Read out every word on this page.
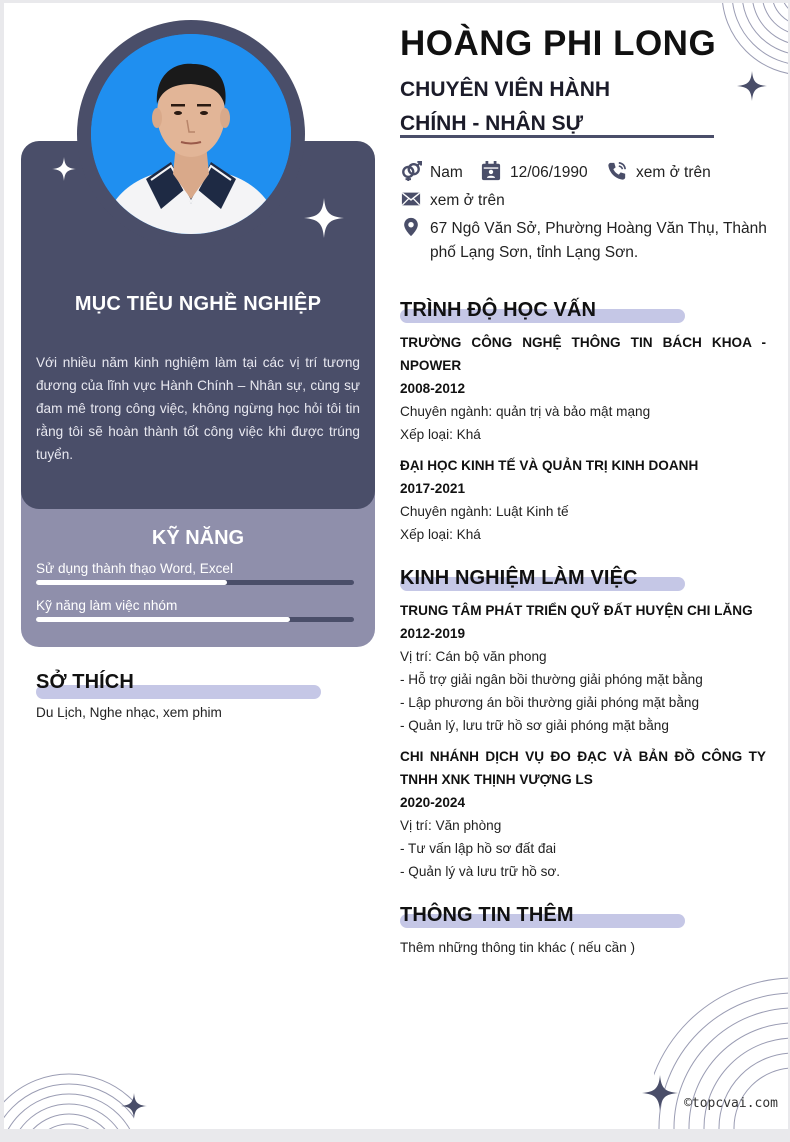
MỤC TIÊU NGHỀ NGHIỆP
Với nhiều năm kinh nghiệm làm tại các vị trí tương đương của lĩnh vực Hành Chính – Nhân sự, cùng sự đam mê trong công việc, không ngừng học hỏi tôi tin rằng tôi sẽ hoàn thành tốt công việc khi được trúng tuyển.
KỸ NĂNG
Sử dụng thành thạo Word, Excel
Kỹ năng làm việc nhóm
SỞ THÍCH
Du Lịch, Nghe nhạc, xem phim
HOÀNG PHI LONG
CHUYÊN VIÊN HÀNH
CHÍNH - NHÂN SỰ
Nam	12/06/1990	xem ở trên
xem ở trên
67 Ngô Văn Sở, Phường Hoàng Văn Thụ, Thành
phố Lạng Sơn, tỉnh Lạng Sơn.
TRÌNH ĐỘ HỌC VẤN
TRƯỜNG CÔNG NGHỆ THÔNG TIN BÁCH KHOA -
NPOWER
2008-2012
Chuyên ngành: quản trị và bảo mật mạng
Xếp loại: Khá
ĐẠI HỌC KINH TẾ VÀ QUẢN TRỊ KINH DOANH
2017-2021
Chuyên ngành: Luật Kinh tế
Xếp loại: Khá
KINH NGHIỆM LÀM VIỆC
TRUNG TÂM PHÁT TRIỂN QUỸ ĐẤT HUYỆN CHI LĂNG
2012-2019
Vị trí: Cán bộ văn phong
- Hỗ trợ giải ngân bồi thường giải phóng mặt bằng
- Lập phương án bồi thường giải phóng mặt bằng
- Quản lý, lưu trữ hồ sơ giải phóng mặt bằng
CHI NHÁNH DỊCH VỤ ĐO ĐẠC VÀ BẢN ĐỒ CÔNG TY
TNHH XNK THỊNH VƯỢNG LS
2020-2024
Vị trí: Văn phòng
- Tư vấn lập hồ sơ đất đai
- Quản lý và lưu trữ hồ sơ.
THÔNG TIN THÊM
Thêm những thông tin khác ( nếu cần )
©topcvai.com
